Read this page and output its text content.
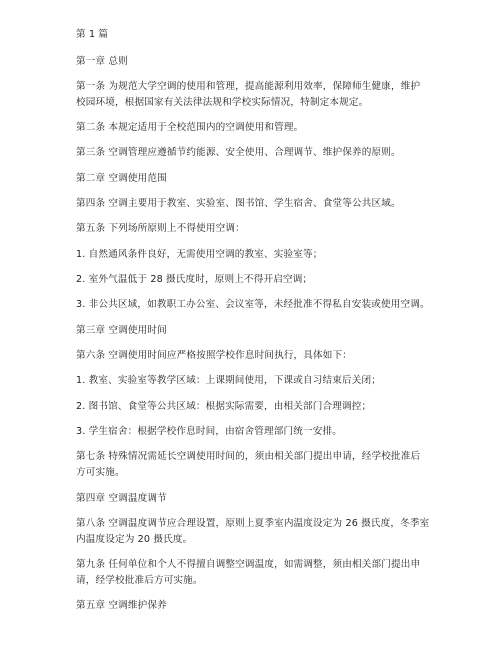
第 1 篇
第一章 总则
第一条 为规范大学空调的使用和管理，提高能源利用效率，保障师生健康，维护
校园环境，根据国家有关法律法规和学校实际情况，特制定本规定。
第二条 本规定适用于全校范围内的空调使用和管理。
第三条 空调管理应遵循节约能源、安全使用、合理调节、维护保养的原则。
第二章 空调使用范围
第四条 空调主要用于教室、实验室、图书馆、学生宿舍、食堂等公共区域。
第五条 下列场所原则上不得使用空调：
1. 自然通风条件良好，无需使用空调的教室、实验室等；
2. 室外气温低于 28 摄氏度时，原则上不得开启空调；
3. 非公共区域，如教职工办公室、会议室等，未经批准不得私自安装或使用空调。
第三章 空调使用时间
第六条 空调使用时间应严格按照学校作息时间执行，具体如下：
1. 教室、实验室等教学区域：上课期间使用，下课或自习结束后关闭；
2. 图书馆、食堂等公共区域：根据实际需要，由相关部门合理调控；
3. 学生宿舍：根据学校作息时间，由宿舍管理部门统一安排。
第七条 特殊情况需延长空调使用时间的，须由相关部门提出申请，经学校批准后
方可实施。
第四章 空调温度调节
第八条 空调温度调节应合理设置，原则上夏季室内温度设定为 26 摄氏度，冬季室
内温度设定为 20 摄氏度。
第九条 任何单位和个人不得擅自调整空调温度，如需调整，须由相关部门提出申
请，经学校批准后方可实施。
第五章 空调维护保养
